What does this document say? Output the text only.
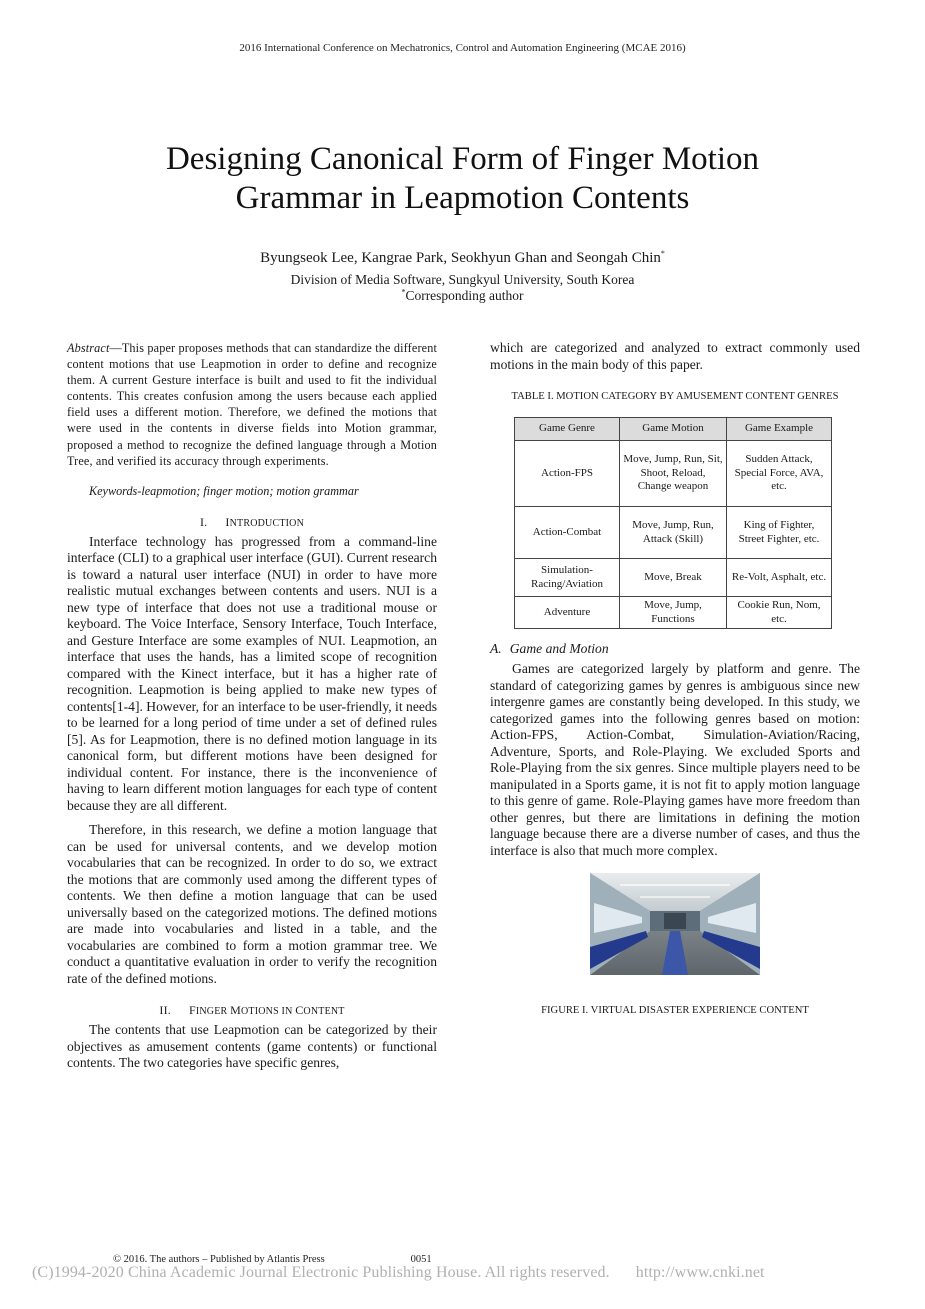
2016 International Conference on Mechatronics, Control and Automation Engineering (MCAE 2016)
Designing Canonical Form of Finger Motion
Grammar in Leapmotion Contents
Byungseok Lee, Kangrae Park, Seokhyun Ghan and Seongah Chin*
Division of Media Software, Sungkyul University, South Korea
*Corresponding author

Abstract—This paper proposes methods that can standardize the different content motions that use Leapmotion in order to define and recognize them. A current Gesture interface is built and used to fit the individual contents. This creates confusion among the users because each applied field uses a different motion. Therefore, we defined the motions that were used in the contents in diverse fields into Motion grammar, proposed a method to recognize the defined language through a Motion Tree, and verified its accuracy through experiments.

Keywords-leapmotion; finger motion; motion grammar
I. INTRODUCTION

Interface technology has progressed from a command-line interface (CLI) to a graphical user interface (GUI). Current research is toward a natural user interface (NUI) in order to have more realistic mutual exchanges between contents and users. NUI is a new type of interface that does not use a traditional mouse or keyboard. The Voice Interface, Sensory Interface, Touch Interface, and Gesture Interface are some examples of NUI. Leapmotion, an interface that uses the hands, has a limited scope of recognition compared with the Kinect interface, but it has a higher rate of recognition. Leapmotion is being applied to make new types of contents[1-4]. However, for an interface to be user-friendly, it needs to be learned for a long period of time under a set of defined rules [5]. As for Leapmotion, there is no defined motion language in its canonical form, but different motions have been designed for individual content. For instance, there is the inconvenience of having to learn different motion languages for each type of content because they are all different.

Therefore, in this research, we define a motion language that can be used for universal contents, and we develop motion vocabularies that can be recognized. In order to do so, we extract the motions that are commonly used among the different types of contents. We then define a motion language that can be used universally based on the categorized motions. The defined motions are made into vocabularies and listed in a table, and the vocabularies are combined to form a motion grammar tree. We conduct a quantitative evaluation in order to verify the recognition rate of the defined motions.

II. FINGER MOTIONS IN CONTENT

The contents that use Leapmotion can be categorized by their objectives as amusement contents (game contents) or functional contents. The two categories have specific genres,

which are categorized and analyzed to extract commonly used motions in the main body of this paper.

TABLE I. MOTION CATEGORY BY AMUSEMENT CONTENT GENRES
Game Genre	Game Motion	Game Example
Action-FPS	Move, Jump, Run, Sit, Shoot, Reload, Change weapon	Sudden Attack, Special Force, AVA, etc.
Action-Combat	Move, Jump, Run, Attack (Skill)	King of Fighter, Street Fighter, etc.
Simulation-Racing/Aviation	Move, Break	Re-Volt, Asphalt, etc.
Adventure	Move, Jump, Functions	Cookie Run, Nom, etc.
A. Game and Motion

Games are categorized largely by platform and genre. The standard of categorizing games by genres is ambiguous since new intergenre games are constantly being developed. In this study, we categorized games into the following genres based on motion: Action-FPS, Action-Combat, Simulation-Aviation/Racing, Adventure, Sports, and Role-Playing. We excluded Sports and Role-Playing from the six genres. Since multiple players need to be manipulated in a Sports game, it is not fit to apply motion language to this genre of game. Role-Playing games have more freedom than other genres, but there are limitations in defining the motion language because there are a diverse number of cases, and thus the interface is also that much more complex.

FIGURE I. VIRTUAL DISASTER EXPERIENCE CONTENT
© 2016. The authors – Published by Atlantis Press	0051
(C)1994-2020 China Academic Journal Electronic Publishing House. All rights reserved. http://www.cnki.net
